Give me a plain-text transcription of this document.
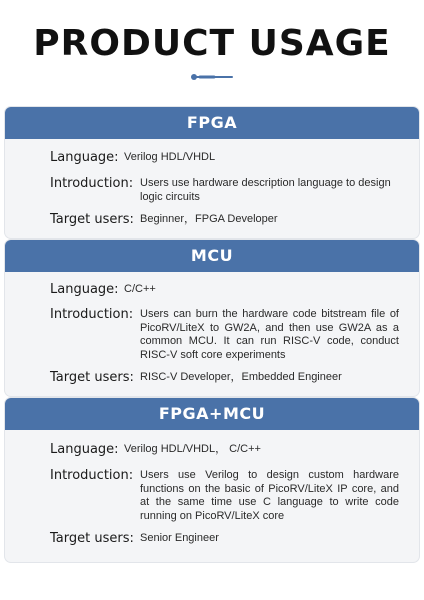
PRODUCT USAGE
FPGA
Language: Verilog HDL/VHDL
Introduction: Users use hardware description language to design logic circuits
Target users: Beginner，FPGA Developer
MCU
Language: C/C++
Introduction: Users can burn the hardware code bitstream file of PicoRV/LiteX to GW2A, and then use GW2A as a common MCU. It can run RISC-V code, conduct RISC-V soft core experiments
Target users: RISC-V Developer，Embedded Engineer
FPGA+MCU
Language: Verilog HDL/VHDL， C/C++
Introduction: Users use Verilog to design custom hardware functions on the basic of PicoRV/LiteX IP core, and at the same time use C language to write code running on PicoRV/LiteX core
Target users: Senior Engineer
